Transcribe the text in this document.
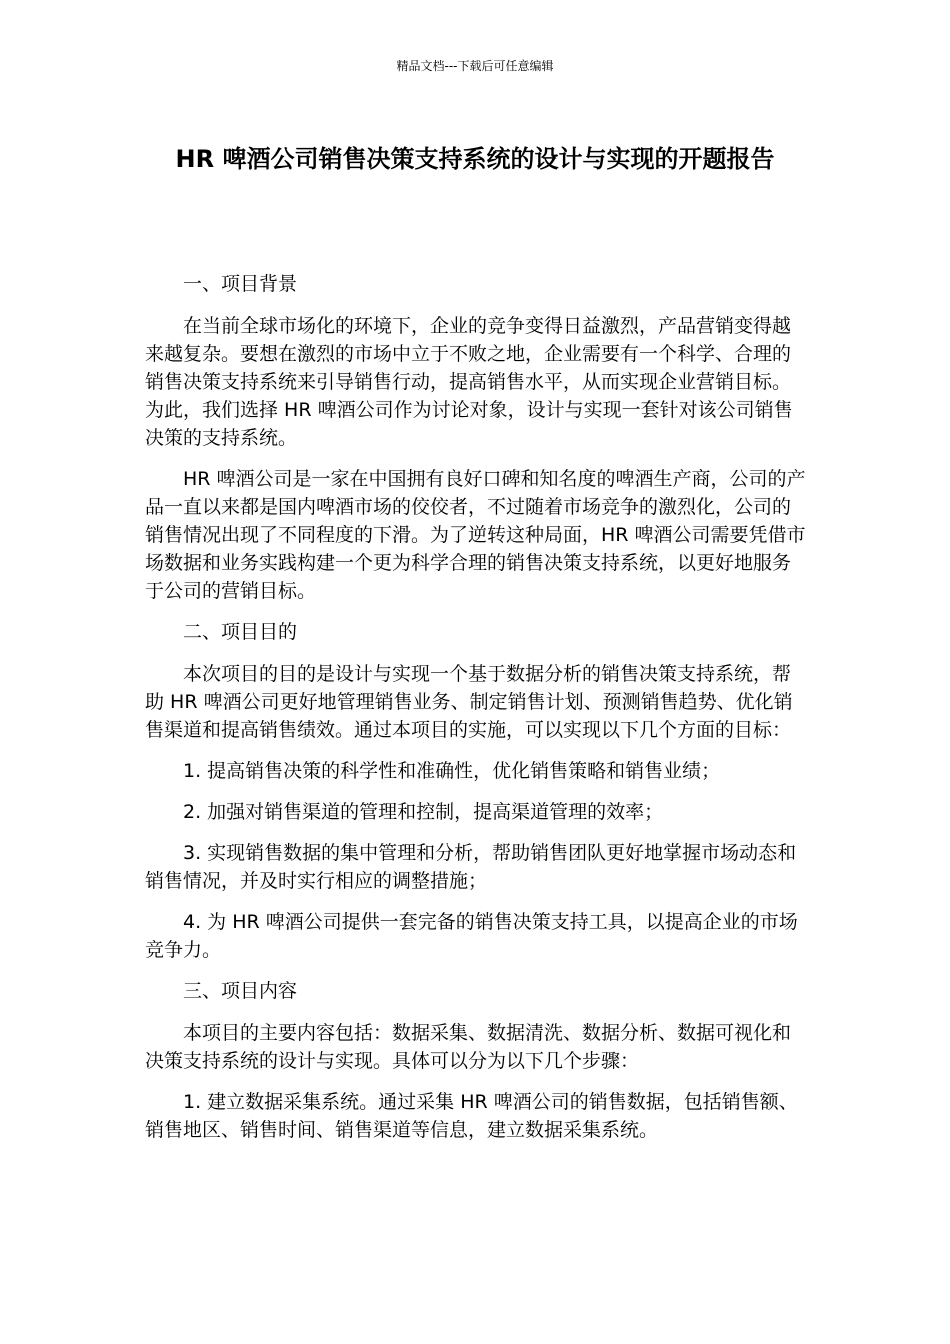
精品文档---下载后可任意编辑
HR 啤酒公司销售决策支持系统的设计与实现的开题报告

一、项目背景

在当前全球市场化的环境下，企业的竞争变得日益激烈，产品营销变得越来越复杂。要想在激烈的市场中立于不败之地，企业需要有一个科学、合理的销售决策支持系统来引导销售行动，提高销售水平，从而实现企业营销目标。为此，我们选择 HR 啤酒公司作为讨论对象，设计与实现一套针对该公司销售决策的支持系统。

HR 啤酒公司是一家在中国拥有良好口碑和知名度的啤酒生产商，公司的产品一直以来都是国内啤酒市场的佼佼者，不过随着市场竞争的激烈化，公司的销售情况出现了不同程度的下滑。为了逆转这种局面，HR 啤酒公司需要凭借市场数据和业务实践构建一个更为科学合理的销售决策支持系统，以更好地服务于公司的营销目标。

二、项目目的

本次项目的目的是设计与实现一个基于数据分析的销售决策支持系统，帮助 HR 啤酒公司更好地管理销售业务、制定销售计划、预测销售趋势、优化销售渠道和提高销售绩效。通过本项目的实施，可以实现以下几个方面的目标：

1. 提高销售决策的科学性和准确性，优化销售策略和销售业绩；

2. 加强对销售渠道的管理和控制，提高渠道管理的效率；

3. 实现销售数据的集中管理和分析，帮助销售团队更好地掌握市场动态和销售情况，并及时实行相应的调整措施；

4. 为 HR 啤酒公司提供一套完备的销售决策支持工具，以提高企业的市场竞争力。

三、项目内容

本项目的主要内容包括：数据采集、数据清洗、数据分析、数据可视化和决策支持系统的设计与实现。具体可以分为以下几个步骤：

1. 建立数据采集系统。通过采集 HR 啤酒公司的销售数据，包括销售额、销售地区、销售时间、销售渠道等信息，建立数据采集系统。
